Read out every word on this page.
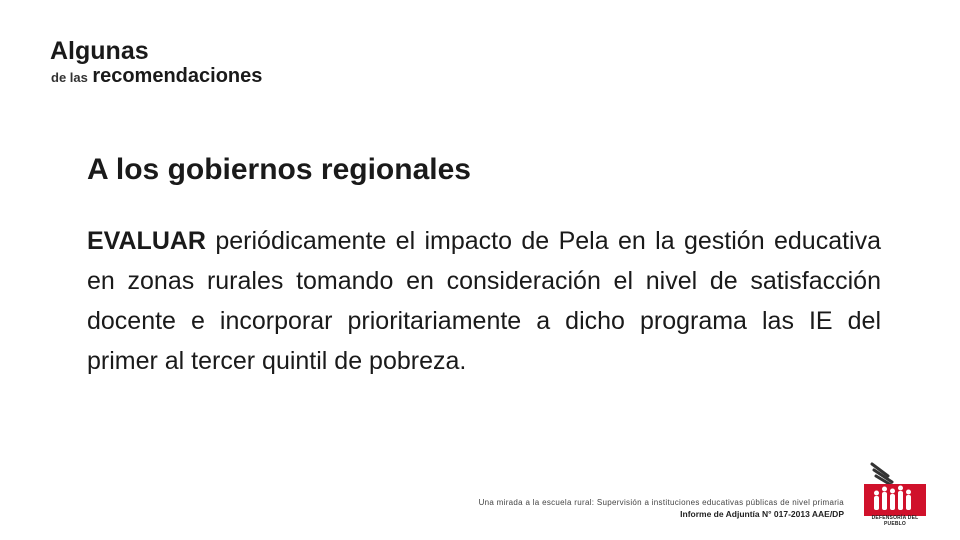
Algunas
de las recomendaciones
A los gobiernos regionales

EVALUAR periódicamente el impacto de Pela en la gestión educativa en zonas rurales tomando en consideración el nivel de satisfacción docente e incorporar prioritariamente a dicho programa las IE del primer al tercer quintil de pobreza.

Una mirada a la escuela rural: Supervisión a instituciones educativas públicas de nivel primaria
Informe de Adjuntía N° 017-2013 AAE/DP	DEFENSORÍA DEL PUEBLO
